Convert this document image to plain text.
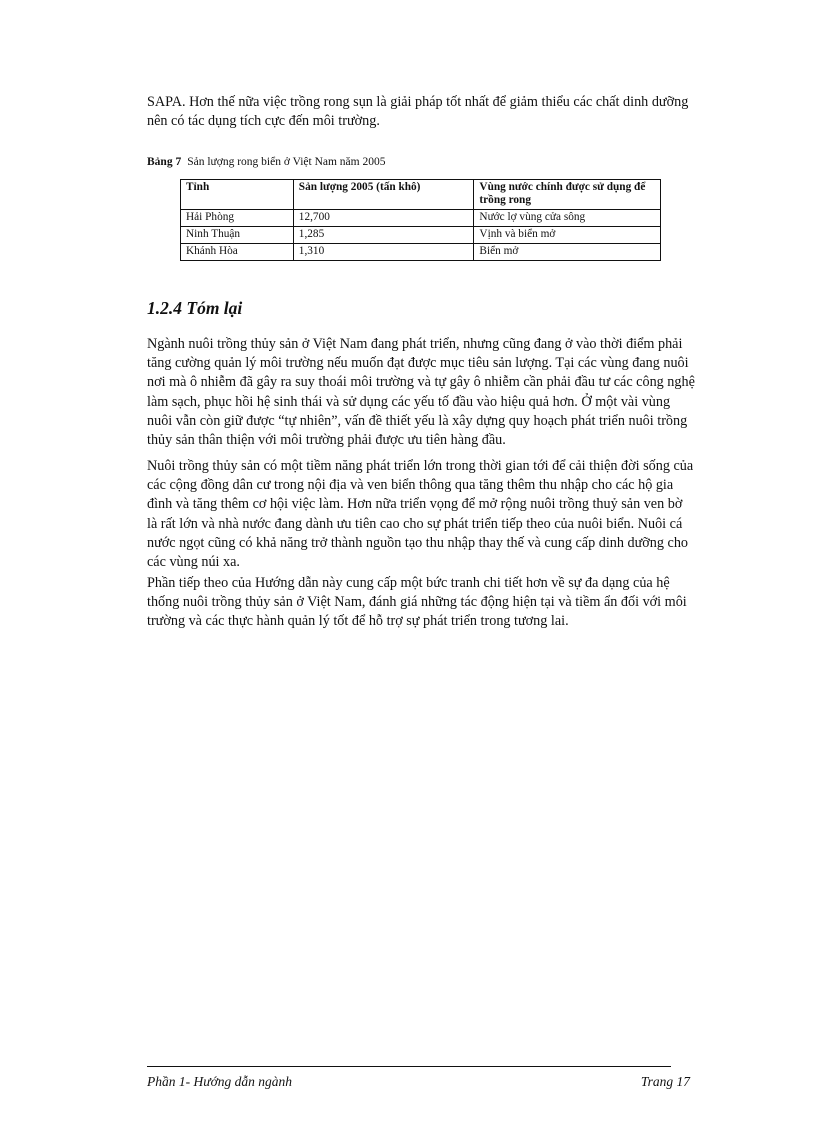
SAPA. Hơn thế nữa việc trồng rong sụn là giải pháp tốt nhất để giảm thiểu các chất dinh dưỡng nên có tác dụng tích cực đến môi trường.

Bảng 7 Sản lượng rong biển ở Việt Nam năm 2005

Tỉnh	Sản lượng 2005 (tấn khô)	Vùng nước chính được sử dụng để trồng rong
Hải Phòng	12,700	Nước lợ vùng cửa sông
Ninh Thuận	1,285	Vịnh và biển mở
Khánh Hòa	1,310	Biển mở
1.2.4 Tóm lại

Ngành nuôi trồng thủy sản ở Việt Nam đang phát triển, nhưng cũng đang ở vào thời điểm phải tăng cường quản lý môi trường nếu muốn đạt được mục tiêu sản lượng. Tại các vùng đang nuôi nơi mà ô nhiễm đã gây ra suy thoái môi trường và tự gây ô nhiễm cần phải đầu tư các công nghệ làm sạch, phục hồi hệ sinh thái và sử dụng các yếu tố đầu vào hiệu quả hơn. Ở một vài vùng nuôi vẫn còn giữ được “tự nhiên”, vấn đề thiết yếu là xây dựng quy hoạch phát triển nuôi trồng thủy sản thân thiện với môi trường phải được ưu tiên hàng đầu.

Nuôi trồng thủy sản có một tiềm năng phát triển lớn trong thời gian tới để cải thiện đời sống của các cộng đồng dân cư trong nội địa và ven biển thông qua tăng thêm thu nhập cho các hộ gia đình và tăng thêm cơ hội việc làm. Hơn nữa triển vọng để mở rộng nuôi trồng thuỷ sản ven bờ là rất lớn và nhà nước đang dành ưu tiên cao cho sự phát triển tiếp theo của nuôi biển. Nuôi cá nước ngọt cũng có khả năng trở thành nguồn tạo thu nhập thay thế và cung cấp dinh dưỡng cho các vùng núi xa.

Phần tiếp theo của Hướng dẫn này cung cấp một bức tranh chi tiết hơn về sự đa dạng của hệ thống nuôi trồng thủy sản ở Việt Nam, đánh giá những tác động hiện tại và tiềm ẩn đối với môi trường và các thực hành quản lý tốt để hỗ trợ sự phát triển trong tương lai.

Phần 1- Hướng dẫn ngành	Trang 17
